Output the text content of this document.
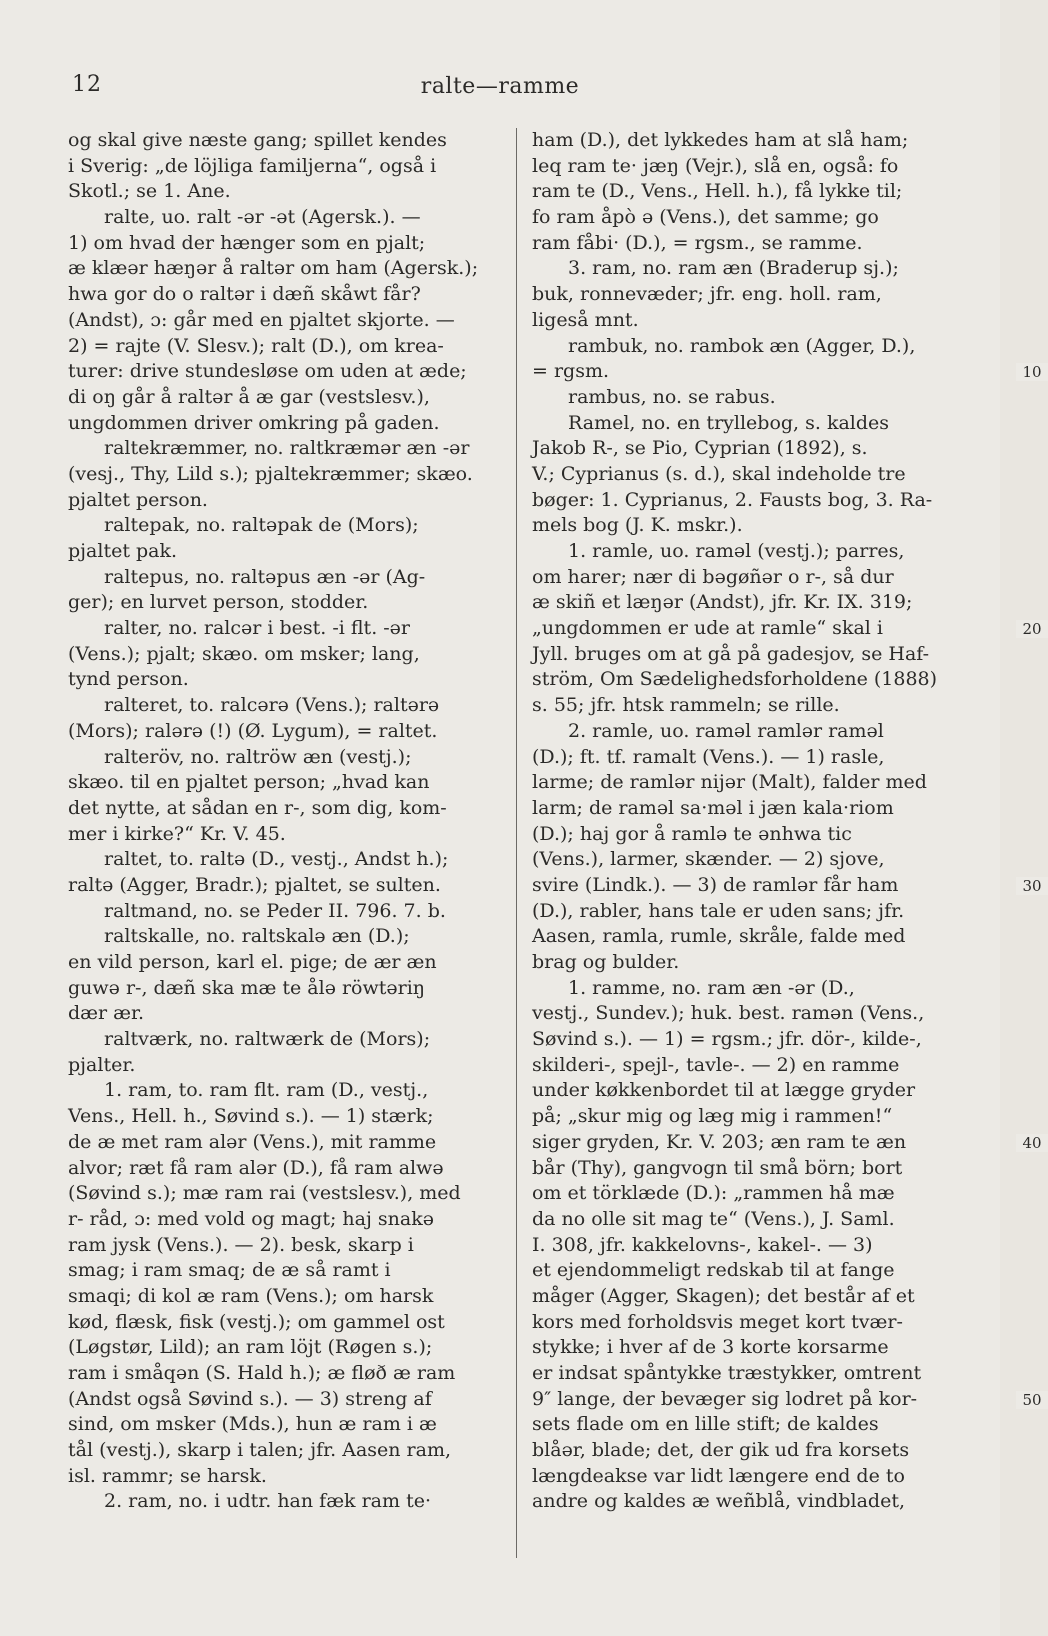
12	ralte—ramme
og skal give næste gang; spillet kendes
i Sverig: „de löjliga familjerna“, også i
Skotl.; se 1. Ane.
ralte, uo. ralt -ər -ət (Agersk.). —
1) om hvad der hænger som en pjalt;
æ klæər hæŋər å raltər om ham (Agersk.);
hwa gor do o raltər i dæñ skåwt får?
(Andst), ɔ: går med en pjaltet skjorte. —
2) = rajte (V. Slesv.); ralt (D.), om krea-
turer: drive stundesløse om uden at æde;
di oŋ går å raltər å æ gar (vestslesv.),
ungdommen driver omkring på gaden.
raltekræmmer, no. raltkræmər æn -ər
(vesj., Thy, Lild s.); pjaltekræmmer; skæo.
pjaltet person.
raltepak, no. raltəpak de (Mors);
pjaltet pak.
raltepus, no. raltəpus æn -ər (Ag-
ger); en lurvet person, stodder.
ralter, no. ralcər i best. -i flt. -ər
(Vens.); pjalt; skæo. om msker; lang,
tynd person.
ralteret, to. ralcərə (Vens.); raltərə
(Mors); ralərə (!) (Ø. Lygum), = raltet.
ralteröv, no. raltröw æn (vestj.);
skæo. til en pjaltet person; „hvad kan
det nytte, at sådan en r-, som dig, kom-
mer i kirke?“ Kr. V. 45.
raltet, to. raltə (D., vestj., Andst h.);
raltə (Agger, Bradr.); pjaltet, se sulten.
raltmand, no. se Peder II. 796. 7. b.
raltskalle, no. raltskalə æn (D.);
en vild person, karl el. pige; de ær æn
guwə r-, dæñ ska mæ te ålə röwtəriŋ
dær ær.
raltværk, no. raltwærk de (Mors);
pjalter.
1. ram, to. ram flt. ram (D., vestj.,
Vens., Hell. h., Søvind s.). — 1) stærk;
de æ met ram alər (Vens.), mit ramme
alvor; ræt få ram alər (D.), få ram alwə
(Søvind s.); mæ ram rai (vestslesv.), med
r- råd, ɔ: med vold og magt; haj snakə
ram jysk (Vens.). — 2). besk, skarp i
smag; i ram smaq; de æ så ramt i
smaqi; di kol æ ram (Vens.); om harsk
kød, flæsk, fisk (vestj.); om gammel ost
(Løgstør, Lild); an ram löjt (Røgen s.);
ram i småqən (S. Hald h.); æ fløð æ ram
(Andst også Søvind s.). — 3) streng af
sind, om msker (Mds.), hun æ ram i æ
tål (vestj.), skarp i talen; jfr. Aasen ram,
isl. rammr; se harsk.
2. ram, no. i udtr. han fæk ram te·
10
20
30
40
50
ham (D.), det lykkedes ham at slå ham;
leq ram te· jæŋ (Vejr.), slå en, også: fo
ram te (D., Vens., Hell. h.), få lykke til;
fo ram åpò ə (Vens.), det samme; go
ram fåbi· (D.), = rgsm., se ramme.
3. ram, no. ram æn (Braderup sj.);
buk, ronnevæder; jfr. eng. holl. ram,
ligeså mnt.
rambuk, no. rambok æn (Agger, D.),
= rgsm.
rambus, no. se rabus.
Ramel, no. en tryllebog, s. kaldes
Jakob R-, se Pio, Cyprian (1892), s.
V.; Cyprianus (s. d.), skal indeholde tre
bøger: 1. Cyprianus, 2. Fausts bog, 3. Ra-
mels bog (J. K. mskr.).
1. ramle, uo. raməl (vestj.); parres,
om harer; nær di bəgøñər o r-, så dur
æ skiñ et læŋər (Andst), jfr. Kr. IX. 319;
„ungdommen er ude at ramle“ skal i
Jyll. bruges om at gå på gadesjov, se Haf-
ström, Om Sædelighedsforholdene (1888)
s. 55; jfr. htsk rammeln; se rille.
2. ramle, uo. raməl ramlər raməl
(D.); ft. tf. ramalt (Vens.). — 1) rasle,
larme; de ramlər nijər (Malt), falder med
larm; de raməl sa·məl i jæn kala·riom
(D.); haj gor å ramlə te ənhwa tic
(Vens.), larmer, skænder. — 2) sjove,
svire (Lindk.). — 3) de ramlər får ham
(D.), rabler, hans tale er uden sans; jfr.
Aasen, ramla, rumle, skråle, falde med
brag og bulder.
1. ramme, no. ram æn -ər (D.,
vestj., Sundev.); huk. best. ramən (Vens.,
Søvind s.). — 1) = rgsm.; jfr. dör-, kilde-,
skilderi-, spejl-, tavle-. — 2) en ramme
under køkkenbordet til at lægge gryder
på; „skur mig og læg mig i rammen!“
siger gryden, Kr. V. 203; æn ram te æn
bår (Thy), gangvogn til små börn; bort
om et törklæde (D.): „rammen hå mæ
da no olle sit mag te“ (Vens.), J. Saml.
I. 308, jfr. kakkelovns-, kakel-. — 3)
et ejendommeligt redskab til at fange
måger (Agger, Skagen); det består af et
kors med forholdsvis meget kort tvær-
stykke; i hver af de 3 korte korsarme
er indsat spåntykke træstykker, omtrent
9″ lange, der bevæger sig lodret på kor-
sets flade om en lille stift; de kaldes
blåər, blade; det, der gik ud fra korsets
længdeakse var lidt længere end de to
andre og kaldes æ weñblå, vindbladet,
